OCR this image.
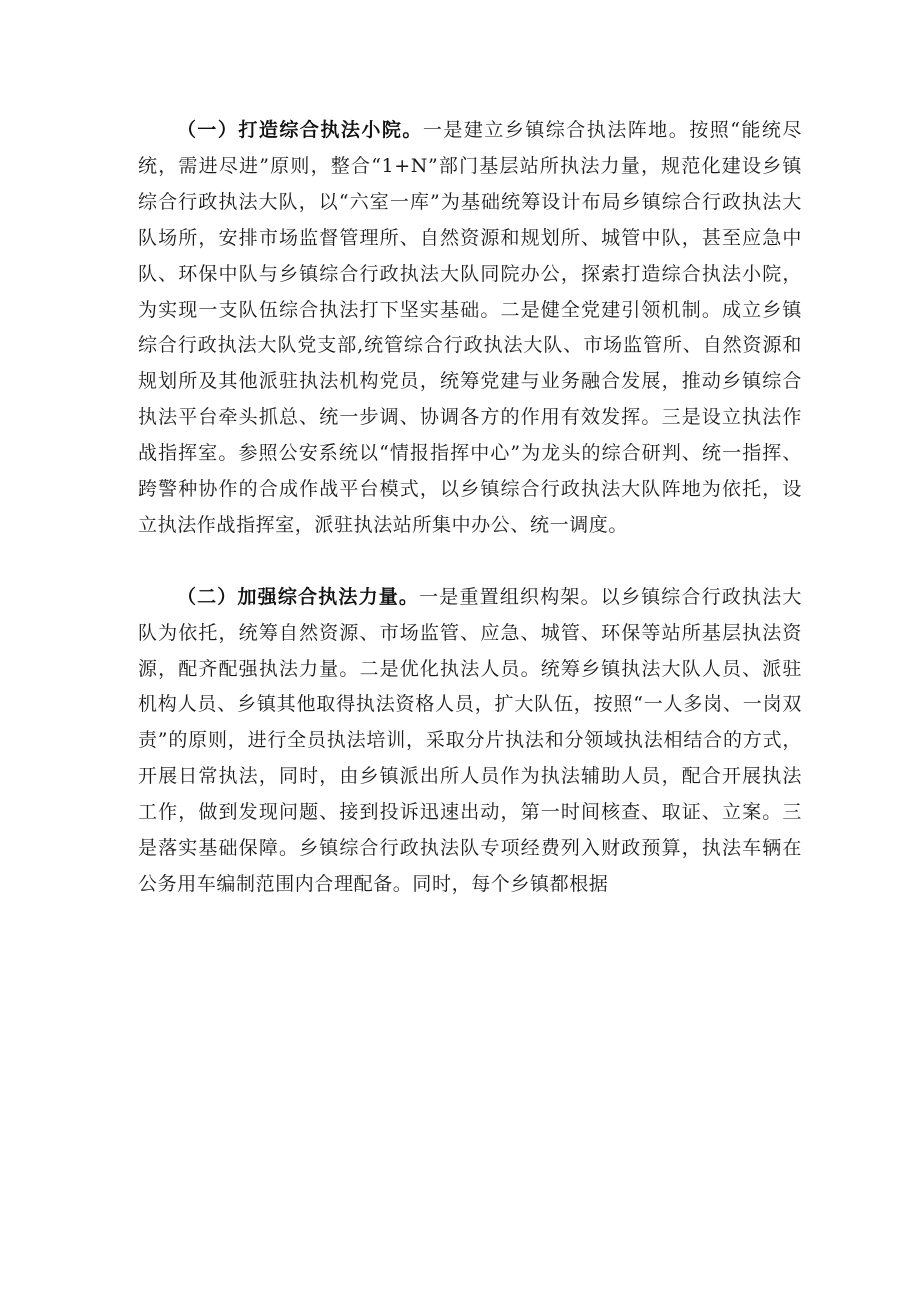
（一）打造综合执法小院。一是建立乡镇综合执法阵地。按照“能统尽统，需进尽进”原则，整合“1+N”部门基层站所执法力量，规范化建设乡镇综合行政执法大队，以“六室一库”为基础统筹设计布局乡镇综合行政执法大队场所，安排市场监督管理所、自然资源和规划所、城管中队，甚至应急中队、环保中队与乡镇综合行政执法大队同院办公，探索打造综合执法小院，为实现一支队伍综合执法打下坚实基础。二是健全党建引领机制。成立乡镇综合行政执法大队党支部,统管综合行政执法大队、市场监管所、自然资源和规划所及其他派驻执法机构党员，统筹党建与业务融合发展，推动乡镇综合执法平台牵头抓总、统一步调、协调各方的作用有效发挥。三是设立执法作战指挥室。参照公安系统以“情报指挥中心”为龙头的综合研判、统一指挥、跨警种协作的合成作战平台模式，以乡镇综合行政执法大队阵地为依托，设立执法作战指挥室，派驻执法站所集中办公、统一调度。

（二）加强综合执法力量。一是重置组织构架。以乡镇综合行政执法大队为依托，统筹自然资源、市场监管、应急、城管、环保等站所基层执法资源，配齐配强执法力量。二是优化执法人员。统筹乡镇执法大队人员、派驻机构人员、乡镇其他取得执法资格人员，扩大队伍，按照“一人多岗、一岗双责”的原则，进行全员执法培训，采取分片执法和分领域执法相结合的方式，开展日常执法，同时，由乡镇派出所人员作为执法辅助人员，配合开展执法工作，做到发现问题、接到投诉迅速出动，第一时间核查、取证、立案。三是落实基础保障。乡镇综合行政执法队专项经费列入财政预算，执法车辆在公务用车编制范围内合理配备。同时，每个乡镇都根据
